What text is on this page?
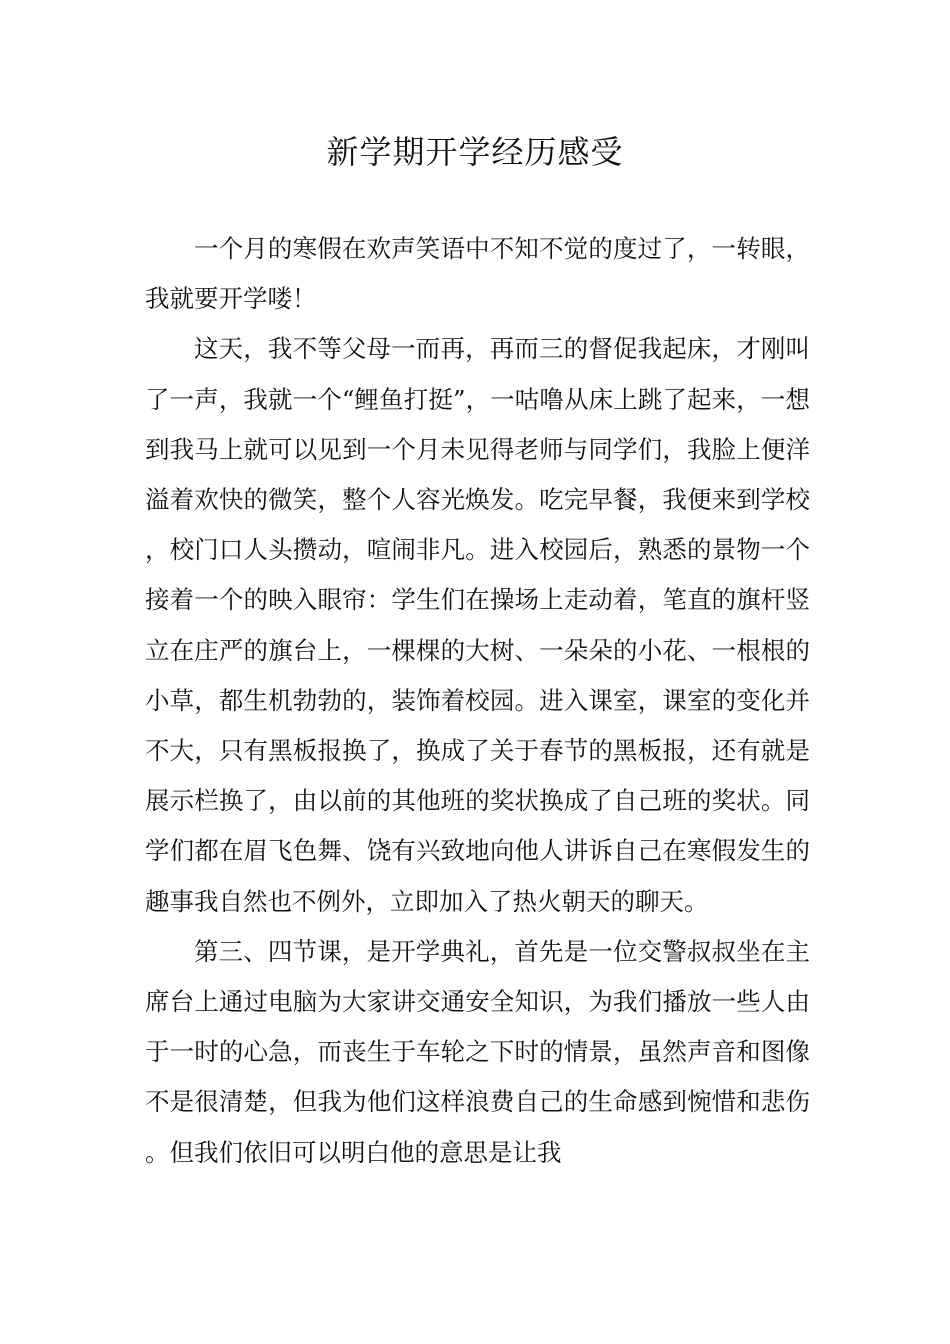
新学期开学经历感受

一个月的寒假在欢声笑语中不知不觉的度过了，一转眼，我就要开学喽！

这天，我不等父母一而再，再而三的督促我起床，才刚叫了一声，我就一个“鲤鱼打挺”，一咕噜从床上跳了起来，一想到我马上就可以见到一个月未见得老师与同学们，我脸上便洋溢着欢快的微笑，整个人容光焕发。吃完早餐，我便来到学校，校门口人头攒动，喧闹非凡。进入校园后，熟悉的景物一个接着一个的映入眼帘：学生们在操场上走动着，笔直的旗杆竖立在庄严的旗台上，一棵棵的大树、一朵朵的小花、一根根的小草，都生机勃勃的，装饰着校园。进入课室，课室的变化并不大，只有黑板报换了，换成了关于春节的黑板报，还有就是展示栏换了，由以前的其他班的奖状换成了自己班的奖状。同学们都在眉飞色舞、饶有兴致地向他人讲诉自己在寒假发生的趣事我自然也不例外，立即加入了热火朝天的聊天。

第三、四节课，是开学典礼，首先是一位交警叔叔坐在主席台上通过电脑为大家讲交通安全知识，为我们播放一些人由于一时的心急，而丧生于车轮之下时的情景，虽然声音和图像不是很清楚，但我为他们这样浪费自己的生命感到惋惜和悲伤。但我们依旧可以明白他的意思是让我
